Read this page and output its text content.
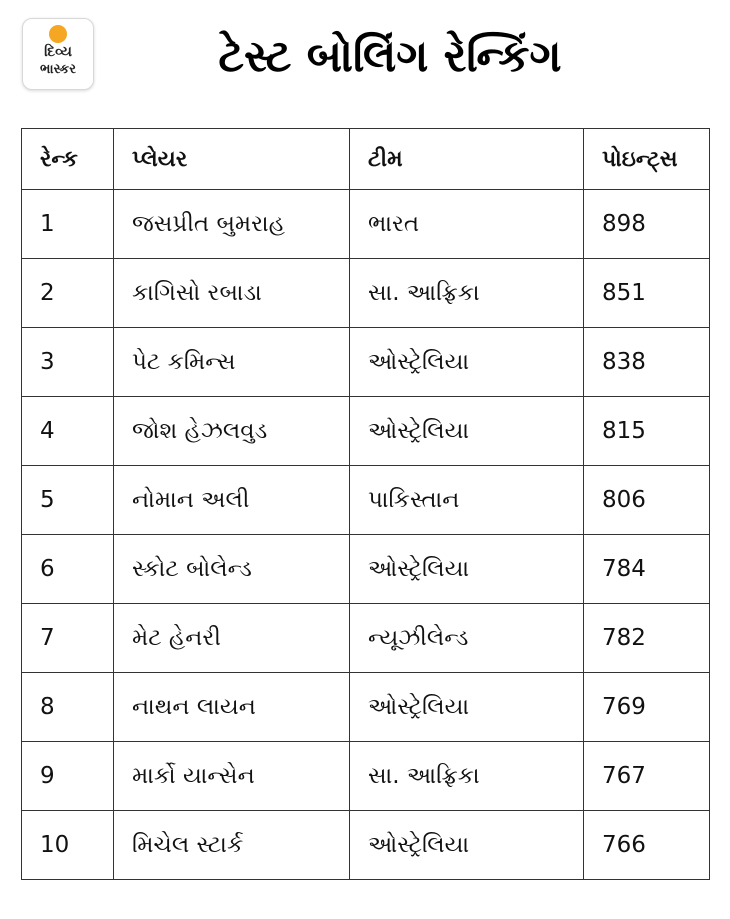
દિવ્ય
ભાસ્કર	ટેસ્ટ બોલિંગ રેન્કિંગ
રેન્ક	પ્લેયર	ટીમ	પોઇન્ટ્સ
1	જસપ્રીત બુમરાહ	ભારત	898
2	કાગિસો રબાડા	સા. આફ્રિકા	851
3	પેટ કમિન્સ	ઓસ્ટ્રેલિયા	838
4	જોશ હેઝલવુડ	ઓસ્ટ્રેલિયા	815
5	નોમાન અલી	પાકિસ્તાન	806
6	સ્કોટ બોલેન્ડ	ઓસ્ટ્રેલિયા	784
7	મેટ હેનરી	ન્યૂઝીલેન્ડ	782
8	નાથન લાયન	ઓસ્ટ્રેલિયા	769
9	માર્કો યાન્સેન	સા. આફ્રિકા	767
10	મિચેલ સ્ટાર્ક	ઓસ્ટ્રેલિયા	766
